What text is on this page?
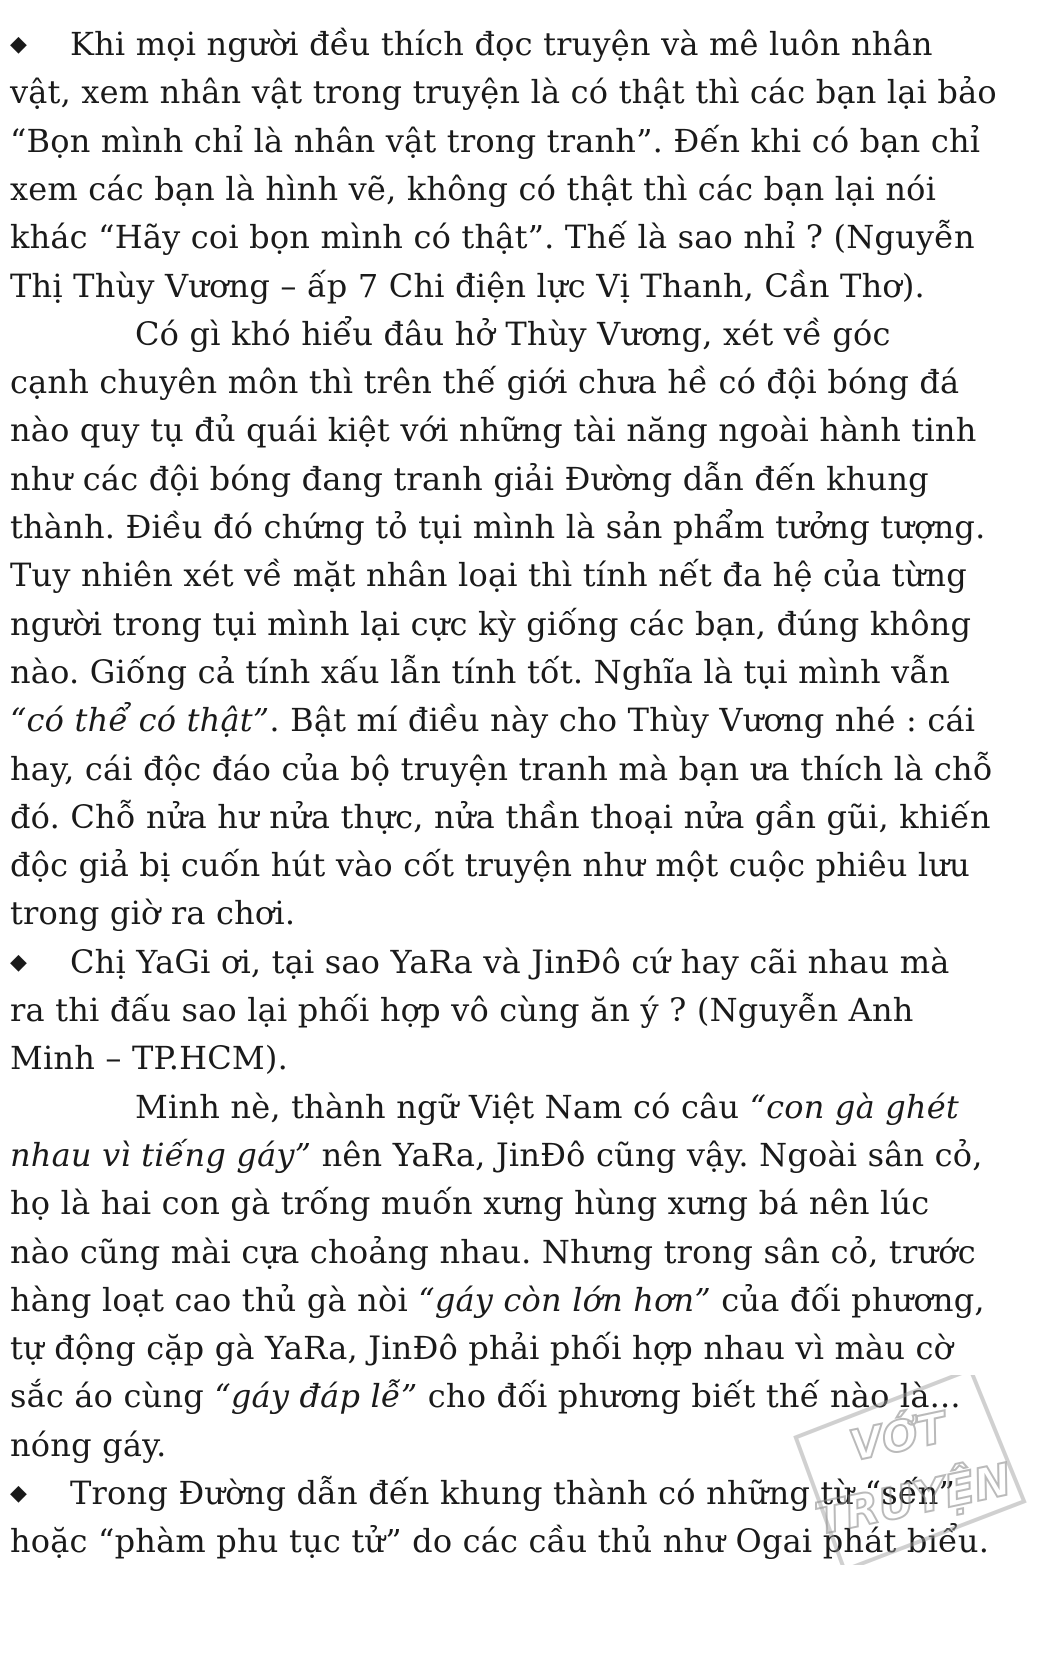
◆ Khi mọi người đều thích đọc truyện và mê luôn nhân
vật, xem nhân vật trong truyện là có thật thì các bạn lại bảo
“Bọn mình chỉ là nhân vật trong tranh”. Đến khi có bạn chỉ
xem các bạn là hình vẽ, không có thật thì các bạn lại nói
khác “Hãy coi bọn mình có thật”. Thế là sao nhỉ ? (Nguyễn
Thị Thùy Vương – ấp 7 Chi điện lực Vị Thanh, Cần Thơ).
Có gì khó hiểu đâu hở Thùy Vương, xét về góc
cạnh chuyên môn thì trên thế giới chưa hề có đội bóng đá
nào quy tụ đủ quái kiệt với những tài năng ngoài hành tinh
như các đội bóng đang tranh giải Đường dẫn đến khung
thành. Điều đó chứng tỏ tụi mình là sản phẩm tưởng tượng.
Tuy nhiên xét về mặt nhân loại thì tính nết đa hệ của từng
người trong tụi mình lại cực kỳ giống các bạn, đúng không
nào. Giống cả tính xấu lẫn tính tốt. Nghĩa là tụi mình vẫn
“có thể có thật”. Bật mí điều này cho Thùy Vương nhé : cái
hay, cái độc đáo của bộ truyện tranh mà bạn ưa thích là chỗ
đó. Chỗ nửa hư nửa thực, nửa thần thoại nửa gần gũi, khiến
độc giả bị cuốn hút vào cốt truyện như một cuộc phiêu lưu
trong giờ ra chơi.
◆ Chị YaGi ơi, tại sao YaRa và JinĐô cứ hay cãi nhau mà
ra thi đấu sao lại phối hợp vô cùng ăn ý ? (Nguyễn Anh
Minh – TP.HCM).
Minh nè, thành ngữ Việt Nam có câu “con gà ghét
nhau vì tiếng gáy” nên YaRa, JinĐô cũng vậy. Ngoài sân cỏ,
họ là hai con gà trống muốn xưng hùng xưng bá nên lúc
nào cũng mài cựa choảng nhau. Nhưng trong sân cỏ, trước
hàng loạt cao thủ gà nòi “gáy còn lớn hơn” của đối phương,
tự động cặp gà YaRa, JinĐô phải phối hợp nhau vì màu cờ
sắc áo cùng “gáy đáp lễ” cho đối phương biết thế nào là...
nóng gáy.
◆ Trong Đường dẫn đến khung thành có những từ “sến”
hoặc “phàm phu tục tử” do các cầu thủ như Ogai phát biểu.
VỚT
TRUYỆN
